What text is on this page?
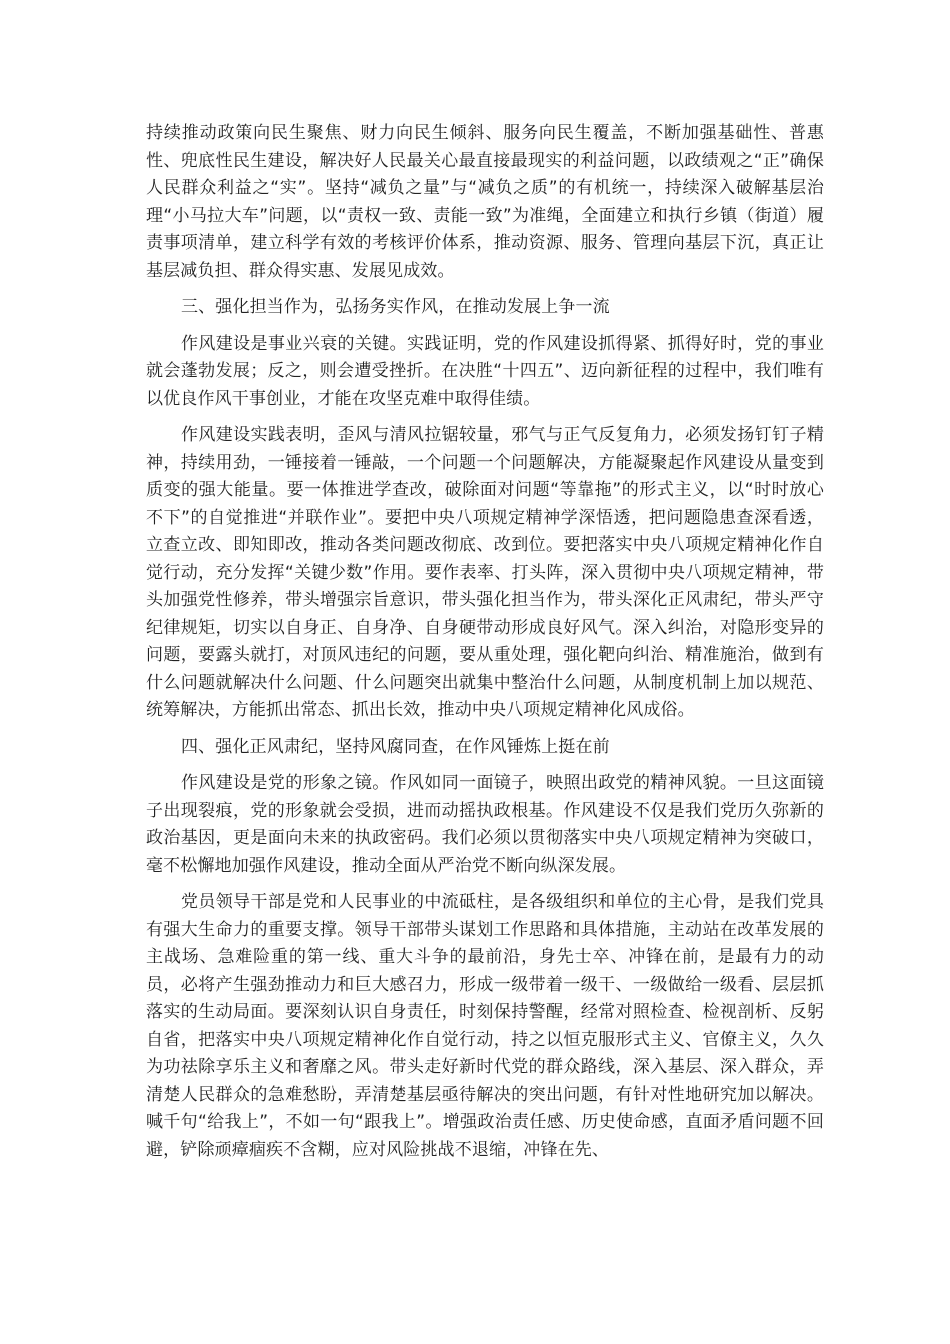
持续推动政策向民生聚焦、财力向民生倾斜、服务向民生覆盖，不断加强基础性、普惠性、兜底性民生建设，解决好人民最关心最直接最现实的利益问题，以政绩观之“正”确保人民群众利益之“实”。坚持“减负之量”与“减负之质”的有机统一，持续深入破解基层治理“小马拉大车”问题，以“责权一致、责能一致”为准绳，全面建立和执行乡镇（街道）履责事项清单，建立科学有效的考核评价体系，推动资源、服务、管理向基层下沉，真正让基层减负担、群众得实惠、发展见成效。

三、强化担当作为，弘扬务实作风，在推动发展上争一流

作风建设是事业兴衰的关键。实践证明，党的作风建设抓得紧、抓得好时，党的事业就会蓬勃发展；反之，则会遭受挫折。在决胜“十四五”、迈向新征程的过程中，我们唯有以优良作风干事创业，才能在攻坚克难中取得佳绩。

作风建设实践表明，歪风与清风拉锯较量，邪气与正气反复角力，必须发扬钉钉子精神，持续用劲，一锤接着一锤敲，一个问题一个问题解决，方能凝聚起作风建设从量变到质变的强大能量。要一体推进学查改，破除面对问题“等靠拖”的形式主义，以“时时放心不下”的自觉推进“并联作业”。要把中央八项规定精神学深悟透，把问题隐患查深看透，立查立改、即知即改，推动各类问题改彻底、改到位。要把落实中央八项规定精神化作自觉行动，充分发挥“关键少数”作用。要作表率、打头阵，深入贯彻中央八项规定精神，带头加强党性修养，带头增强宗旨意识，带头强化担当作为，带头深化正风肃纪，带头严守纪律规矩，切实以自身正、自身净、自身硬带动形成良好风气。深入纠治，对隐形变异的问题，要露头就打，对顶风违纪的问题，要从重处理，强化靶向纠治、精准施治，做到有什么问题就解决什么问题、什么问题突出就集中整治什么问题，从制度机制上加以规范、统筹解决，方能抓出常态、抓出长效，推动中央八项规定精神化风成俗。

四、强化正风肃纪，坚持风腐同查，在作风锤炼上挺在前

作风建设是党的形象之镜。作风如同一面镜子，映照出政党的精神风貌。一旦这面镜子出现裂痕，党的形象就会受损，进而动摇执政根基。作风建设不仅是我们党历久弥新的政治基因，更是面向未来的执政密码。我们必须以贯彻落实中央八项规定精神为突破口，毫不松懈地加强作风建设，推动全面从严治党不断向纵深发展。

党员领导干部是党和人民事业的中流砥柱，是各级组织和单位的主心骨，是我们党具有强大生命力的重要支撑。领导干部带头谋划工作思路和具体措施，主动站在改革发展的主战场、急难险重的第一线、重大斗争的最前沿，身先士卒、冲锋在前，是最有力的动员，必将产生强劲推动力和巨大感召力，形成一级带着一级干、一级做给一级看、层层抓落实的生动局面。要深刻认识自身责任，时刻保持警醒，经常对照检查、检视剖析、反躬自省，把落实中央八项规定精神化作自觉行动，持之以恒克服形式主义、官僚主义，久久为功祛除享乐主义和奢靡之风。带头走好新时代党的群众路线，深入基层、深入群众，弄清楚人民群众的急难愁盼，弄清楚基层亟待解决的突出问题，有针对性地研究加以解决。喊千句“给我上”，不如一句“跟我上”。增强政治责任感、历史使命感，直面矛盾问题不回避，铲除顽瘴痼疾不含糊，应对风险挑战不退缩，冲锋在先、
